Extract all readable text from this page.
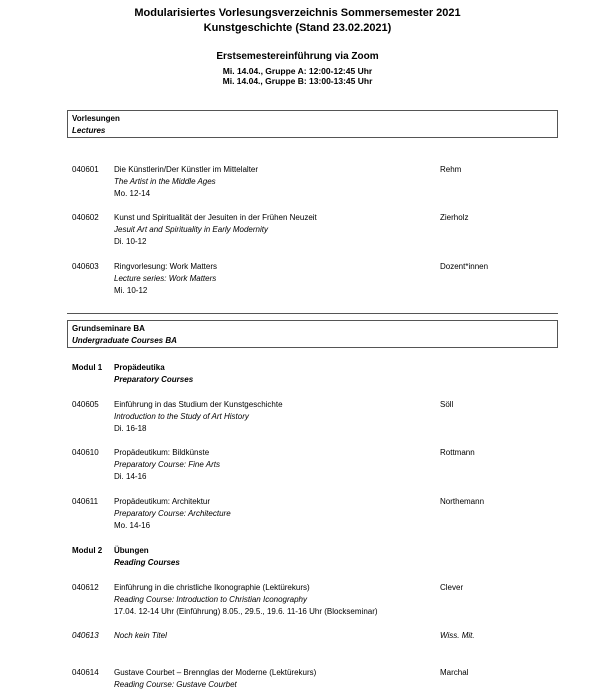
Modularisiertes Vorlesungsverzeichnis Sommersemester 2021
Kunstgeschichte (Stand 23.02.2021)
Erstsemestereinführung via Zoom
Mi. 14.04., Gruppe A: 12:00-12:45 Uhr
Mi. 14.04., Gruppe B: 13:00-13:45 Uhr
Vorlesungen
Lectures
040601 Die Künstlerin/Der Künstler im Mittelalter
The Artist in the Middle Ages
Mo. 12-14
Rehm
040602 Kunst und Spiritualität der Jesuiten in der Frühen Neuzeit
Jesuit Art and Spirituality in Early Modernity
Di. 10-12
Zierholz
040603 Ringvorlesung: Work Matters
Lecture series: Work Matters
Mi. 10-12
Dozent*innen
Grundseminare BA
Undergraduate Courses BA
Modul 1 Propädeutika
Preparatory Courses
040605 Einführung in das Studium der Kunstgeschichte
Introduction to the Study of Art History
Di. 16-18
Söll
040610 Propädeutikum: Bildkünste
Preparatory Course: Fine Arts
Di. 14-16
Rottmann
040611 Propädeutikum: Architektur
Preparatory Course: Architecture
Mo. 14-16
Northemann
Modul 2 Übungen
Reading Courses
040612 Einführung in die christliche Ikonographie (Lektürekurs)
Reading Course: Introduction to Christian Iconography
17.04. 12-14 Uhr (Einführung) 8.05., 29.5., 19.6. 11-16 Uhr (Blockseminar)
Clever
040613 Noch kein Titel	Wiss. Mit.
040614 Gustave Courbet – Brennglas der Moderne (Lektürekurs)
Reading Course: Gustave Courbet
Marchal
